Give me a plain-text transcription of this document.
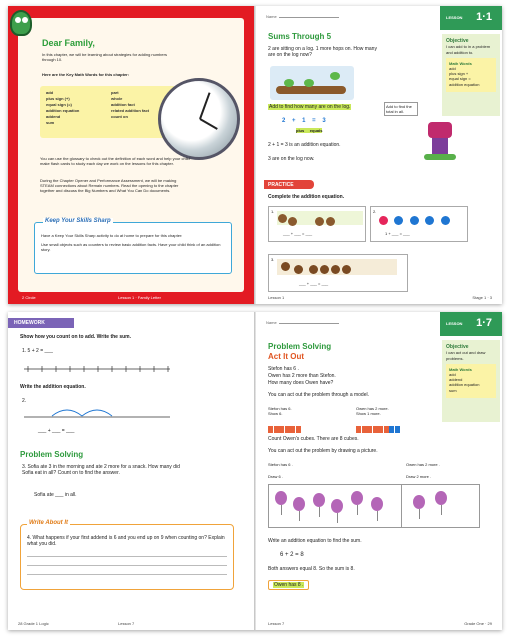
Dear Family,
In this chapter, we will be learning about strategies for adding numbers through 10.
Here are the Key Math Words for this chapter:
add	part
plus sign (+)	whole
equal sign (=)	addition fact
addition equation	related addition fact
addend	count on
sum
You can use the glossary to check out the definition of each word and help your child make flash cards to study each day we work on the lessons for this chapter.
During the Chapter Opener and Performance Assessment, we will be making STEAM connections about Remain numbers. Read the opening to the chapter together and discuss the Big Numbers and What You Can Do documents.
Keep Your Skills Sharp
Have a Keep Your Skills Sharp activity to do at home to prepare for this chapter:
Use small objects such as counters to review basic addition facts. Have your child think of an addition story.
2 Circle	Lesson 1 · Family Letter
Name	LESSON 1·1
Objective
I can add to in a problem and addition to.
Math Words
add
plus sign +
equal sign =
addition equation
Sums Through 5
2 are sitting on a log. 1 more hops on. How many are on the log now?
Add to find how many are on the log.
2    +    1    =    3
plus     equals
2 + 1 = 3 is an addition equation.
3 are on the log now.
Add to find the total in all.
PRACTICE
Complete the addition equation.
1.
___ + ___ = ___
2.

1 + ___ = ___
3.
___ + ___ = ___
Lesson 1	Stage 1 · 3
HOMEWORK
Show how you count on to add. Write the sum.
1. 5 + 2 = ___
Write the addition equation.
2.
___ + ___ = ___
Problem Solving
3. Sofia ate 3 in the morning and ate 2 more for a snack. How many did Sofia eat in all? Count on to find the answer.
Sofia ate ___ in all.
Write About It
4. What happens if your first addend is 6 and you end up on 9 when counting on? Explain what you did.
28 Grade 1 Logic	Lesson 7
Name	LESSON 1·7
Objective
I can act out and draw problems.
Math Words
add
addend
addition equation
sum
Problem Solving
Act It Out
Stefon has 6 .
Owen has 2 more than Stefon.
How many does Owen have?
You can act out the problem through a model.
Stefon has 6.
Show 6.
Owen has 2 more.
Show 1 more.
Count Owen's cubes. There are 8 cubes.
You can act out the problem by drawing a picture.
Stefon has 6 .	Owen has 2 more .
Draw 6 .	Draw 2 more .
Write an addition equation to find the sum.
6 + 2 = 8
Both answers equal 8. So the sum is 8.
Owen has 8 .
Lesson 7	Grade One · 29
